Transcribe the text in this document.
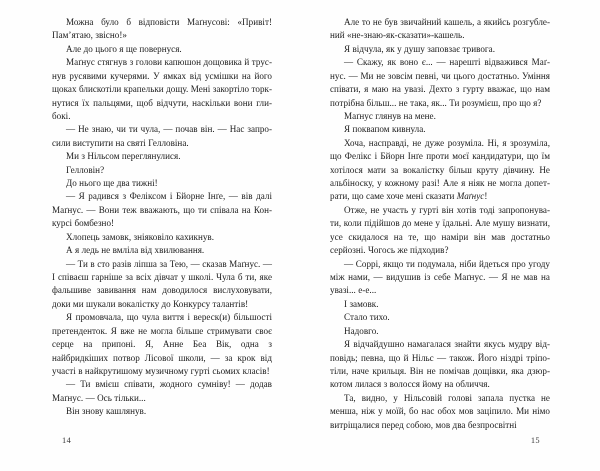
Можна було б відповісти Маґнусові: «Привіт! Пам’ятаю, звісно!»

Але до цього я ще повернуся.

Маґнус стягнув з голови капюшон дощовика й труснув русявими кучерями. У ямках від усмішки на його щоках блискотіли крапельки дощу. Мені закортіло торкнутися їх пальцями, щоб відчути, наскільки вони глибокі.

— Не знаю, чи ти чула, — почав він. — Нас запросили виступити на святі Гелловіна.

Ми з Нільсом переглянулися.

Гелловін?

До нього ще два тижні!

— Я радився з Феліксом і Бйорне Інґе, — вів далі Маґнус. — Вони теж вважають, що ти співала на Конкурсі бомбезно!

Хлопець замовк, зніяковіло кахикнув.

А я ледь не вмліла від хвилювання.

— Ти в сто разів ліпша за Тею, — сказав Маґнус. — І співаєш гарніше за всіх дівчат у школі. Чула б ти, яке фальшиве завивання нам доводилося вислуховувати, доки ми шукали вокалістку до Конкурсу талантів!

Я промовчала, що чула виття і вереск(и) більшості претенденток. Я вже не могла більше стримувати своє серце на припоні. Я, Анне Беа Вік, одна з найбридкіших потвор Лісової школи, — за крок від участі в найкрутишому музичному гурті сьомих класів!

— Ти вмієш співати, жодного сумніву! — додав Маґнус. — Ось тільки...

Він знову кашлянув.

14

Але то не був звичайний кашель, а якийсь розгублений «не-знаю-як-сказати»-кашель.

Я відчула, як у душу заповзає тривога.

— Скажу, як воно є... — нарешті відважився Маґнус. — Ми не зовсім певні, чи цього достатньо. Уміння співати, я маю на увазі. Дехто з гурту вважає, що нам потрібна більш... не така, як... Ти розумієш, про що я?

Маґнус глянув на мене.

Я поквапом кивнула.

Хоча, насправді, не дуже розуміла. Ні, я зрозуміла, що Фелікс і Бйорн Інґе проти моєї кандидатури, що їм хотілося мати за вокалістку більш круту дівчину. Не альбіноску, у кожному разі! Але я ніяк не могла допетрати, що саме хоче мені сказати Маґнус!

Отже, не участь у гурті він хотів тоді запропонувати, коли підійшов до мене у їдальні. Але мушу визнати, усе скидалося на те, що наміри він мав достатньо серйозні. Чогось же підходив?

— Соррі, якщо ти подумала, ніби йдеться про угоду між нами, — видушив із себе Маґнус. — Я не мав на увазі... е-е...

І замовк.

Стало тихо.

Надовго.

Я відчайдушно намагалася знайти якусь мудру відповідь; певна, що й Нільс — також. Його ніздрі тріпотіли, наче крильця. Він не помічав дощівки, яка дзюркотом лилася з волосся йому на обличчя.

Та, видно, у Нільсовій голові запала пустка не менша, ніж у моїй, бо нас обох мов заціпило. Ми німо витріщалися перед собою, мов два безпросвітні

15
